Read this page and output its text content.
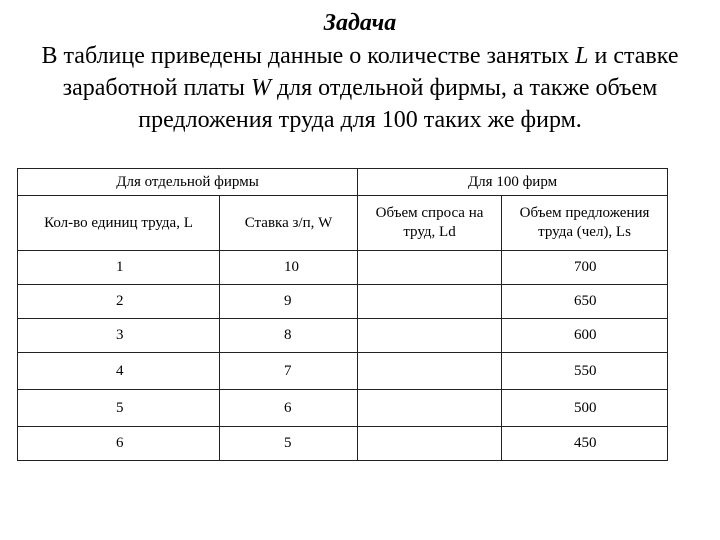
Задача
В таблице приведены данные о количестве занятых L и ставке заработной платы W для отдельной фирмы, а также объем предложения труда для 100 таких же фирм.
Для отдельной фирмы		Для 100 фирм	
Кол-во единиц труда, L	Ставка з/п, W	Объем спроса на труд, Ld	Объем предложения труда (чел), Ls
1	10		700
2	9		650
3	8		600
4	7		550
5	6		500
6	5		450
